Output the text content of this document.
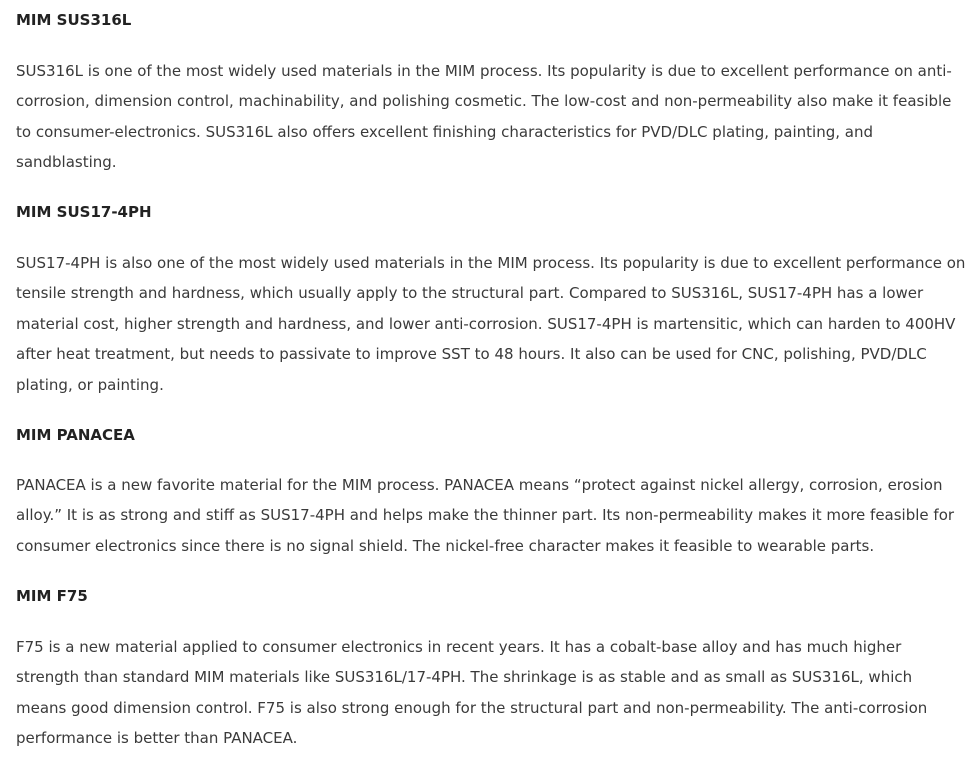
MIM SUS316L

SUS316L is one of the most widely used materials in the MIM process. Its popularity is due to excellent performance on anti-corrosion, dimension control, machinability, and polishing cosmetic. The low-cost and non-permeability also make it feasible to consumer-electronics. SUS316L also offers excellent finishing characteristics for PVD/DLC plating, painting, and sandblasting.

MIM SUS17-4PH

SUS17-4PH is also one of the most widely used materials in the MIM process. Its popularity is due to excellent performance on tensile strength and hardness, which usually apply to the structural part. Compared to SUS316L, SUS17-4PH has a lower material cost, higher strength and hardness, and lower anti-corrosion. SUS17-4PH is martensitic, which can harden to 400HV after heat treatment, but needs to passivate to improve SST to 48 hours. It also can be used for CNC, polishing, PVD/DLC plating, or painting.

MIM PANACEA

PANACEA is a new favorite material for the MIM process. PANACEA means “protect against nickel allergy, corrosion, erosion alloy.” It is as strong and stiff as SUS17-4PH and helps make the thinner part. Its non-permeability makes it more feasible for consumer electronics since there is no signal shield. The nickel-free character makes it feasible to wearable parts.

MIM F75

F75 is a new material applied to consumer electronics in recent years. It has a cobalt-base alloy and has much higher strength than standard MIM materials like SUS316L/17-4PH. The shrinkage is as stable and as small as SUS316L, which means good dimension control. F75 is also strong enough for the structural part and non-permeability. The anti-corrosion performance is better than PANACEA.
